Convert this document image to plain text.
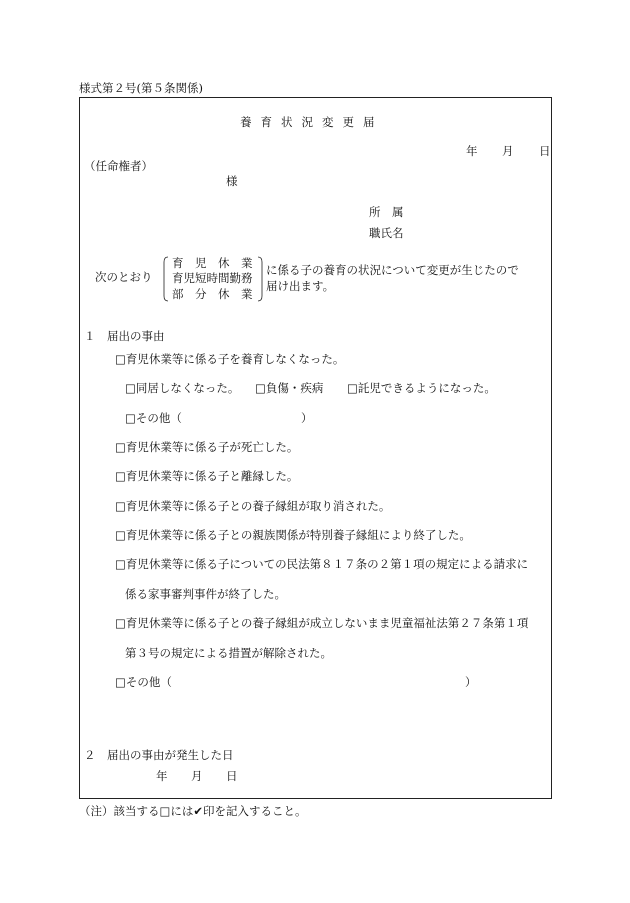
様式第２号(第５条関係)
養 育 状 況 変 更 届
年 月 日
（任命権者）
様
所　属
職氏名
次のとおり
育　児　休　業
育児短時間勤務
部　分　休　業
に係る子の養育の状況について変更が生じたので
届け出ます。
１　届出の事由
□育児休業等に係る子を養育しなくなった。
□同居しなくなった。 □負傷・疾病 □託児できるようになった。
□その他（	）
□育児休業等に係る子が死亡した。
□育児休業等に係る子と離縁した。
□育児休業等に係る子との養子縁組が取り消された。
□育児休業等に係る子との親族関係が特別養子縁組により終了した。
□育児休業等に係る子についての民法第８１７条の２第１項の規定による請求に
係る家事審判事件が終了した。
□育児休業等に係る子との養子縁組が成立しないまま児童福祉法第２７条第１項
第３号の規定による措置が解除された。
□その他（	）
２　届出の事由が発生した日
年 月 日
（注）該当する□には✔印を記入すること。
